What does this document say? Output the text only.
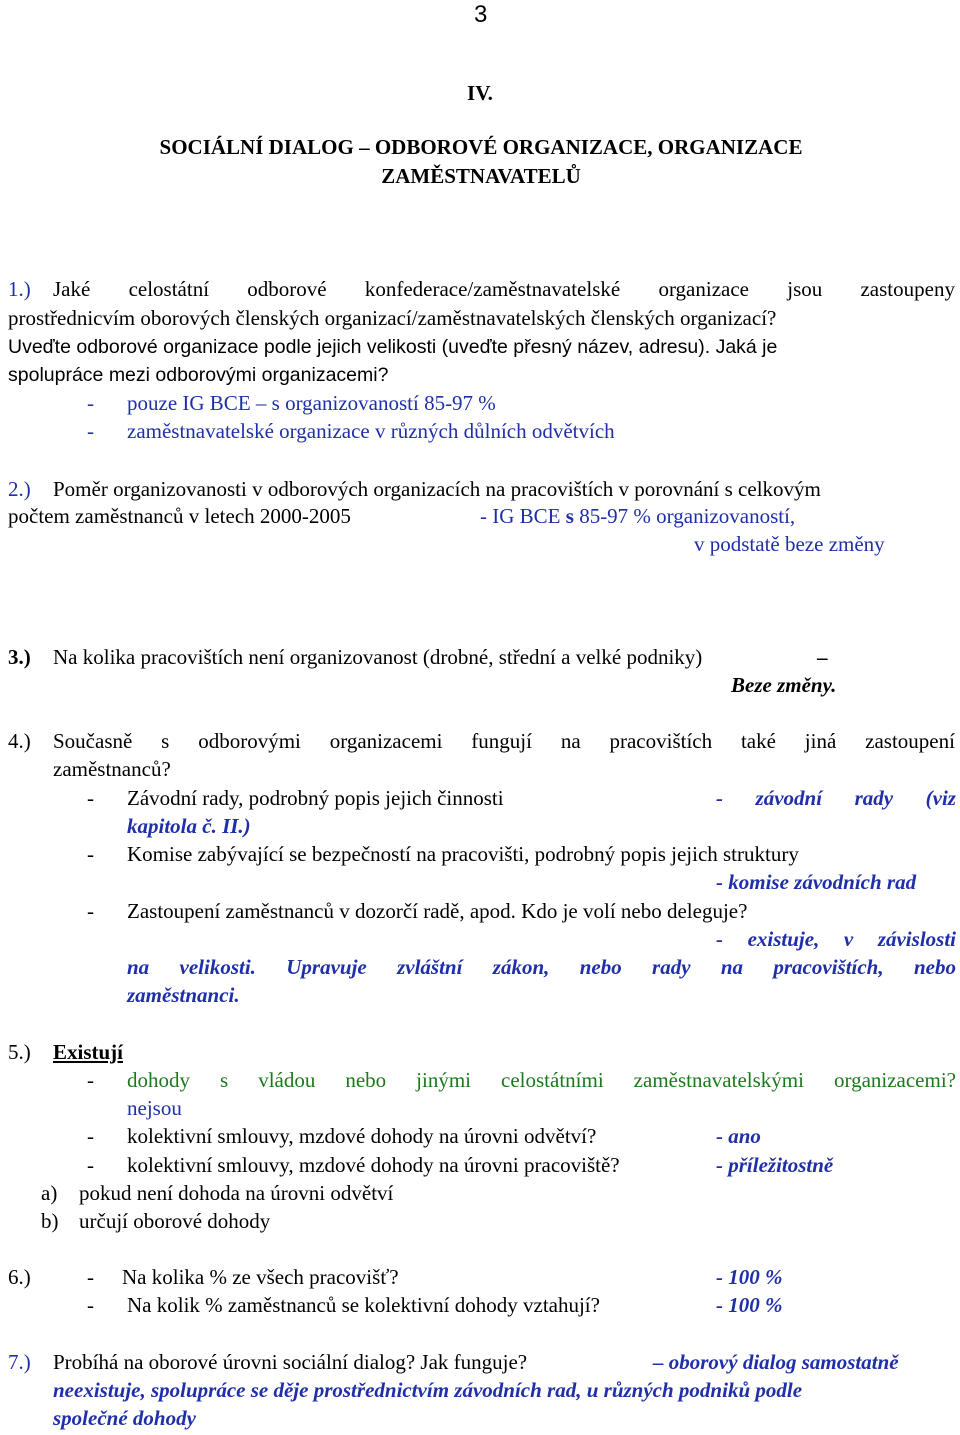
3
IV.
SOCIÁLNÍ DIALOG – ODBOROVÉ ORGANIZACE, ORGANIZACE
ZAMĚSTNAVATELŮ
1.) Jaké celostátní odborové konfederace/zaměstnavatelské organizace jsou zastoupeny
prostřednicvím oborových členských organizací/zaměstnavatelských členských organizací?
Uveďte odborové organizace podle jejich velikosti (uveďte přesný název, adresu). Jaká je
spolupráce mezi odborovými organizacemi?
- pouze IG BCE – s organizovaností 85-97 %
- zaměstnavatelské organizace v různých důlních odvětvích
2.) Poměr organizovanosti v odborových organizacích na pracovištích v porovnání s celkovým
počtem zaměstnanců v letech 2000-2005	- IG BCE s 85-97 % organizovaností,
v podstatě beze změny
3.) Na kolika pracovištích není organizovanost (drobné, střední a velké podniky)	–
Beze změny.
4.) Současně s odborovými organizacemi fungují na pracovištích také jiná zastoupení
zaměstnanců?
- Závodní rady, podrobný popis jejich činnosti	- závodní rady (viz
kapitola č. II.)
- Komise zabývající se bezpečností na pracovišti, podrobný popis jejich struktury
- komise závodních rad
- Zastoupení zaměstnanců v dozorčí radě, apod. Kdo je volí nebo deleguje?
- existuje, v závislosti
na velikosti. Upravuje zvláštní zákon, nebo rady na pracovištích, nebo
zaměstnanci.
5.) Existují
- dohody s vládou nebo jinými celostátními zaměstnavatelskými organizacemi?
nejsou
- kolektivní smlouvy, mzdové dohody na úrovni odvětví?	- ano
- kolektivní smlouvy, mzdové dohody na úrovni pracoviště?	- příležitostně
a) pokud není dohoda na úrovni odvětví
b) určují oborové dohody
6.)	- Na kolika % ze všech pracovišť?	- 100 %
- Na kolik % zaměstnanců se kolektivní dohody vztahují?	- 100 %
7.) Probíhá na oborové úrovni sociální dialog? Jak funguje?	– oborový dialog samostatně
neexistuje, spolupráce se děje prostřednictvím závodních rad, u různých podniků podle
společné dohody
